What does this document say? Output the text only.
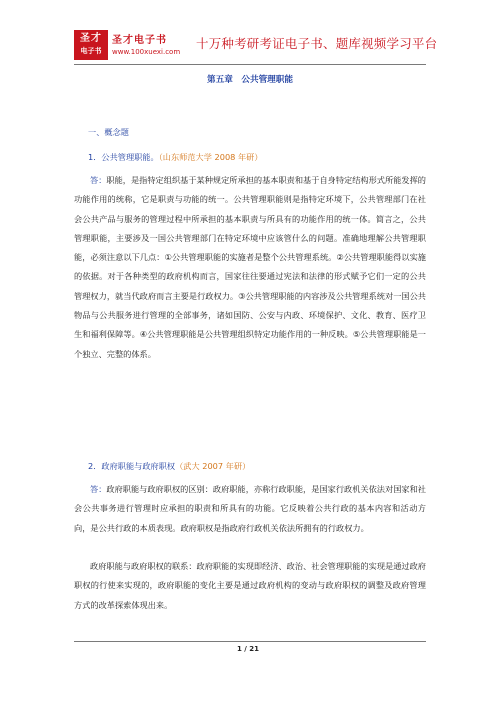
圣才
电子书
圣才电子书
www.100xuexi.com
十万种考研考证电子书、题库视频学习平台
第五章　公共管理职能
一、概念题
1．公共管理职能。（山东师范大学 2008 年研）
答：职能，是指特定组织基于某种规定所承担的基本职责和基于自身特定结构形式所能发挥的功能作用的统称，它是职责与功能的统一。公共管理职能则是指特定环境下，公共管理部门在社会公共产品与服务的管理过程中所承担的基本职责与所具有的功能作用的统一体。简言之，公共管理职能，主要涉及一国公共管理部门在特定环境中应该管什么的问题。准确地理解公共管理职能，必须注意以下几点：①公共管理职能的实施者是整个公共管理系统。②公共管理职能得以实施的依据。对于各种类型的政府机构而言，国家往往要通过宪法和法律的形式赋予它们一定的公共管理权力，就当代政府而言主要是行政权力。③公共管理职能的内容涉及公共管理系统对一国公共物品与公共服务进行管理的全部事务，诸如国防、公安与内政、环境保护、文化、教育、医疗卫生和福利保障等。④公共管理职能是公共管理组织特定功能作用的一种反映。⑤公共管理职能是一个独立、完整的体系。
2．政府职能与政府职权（武大 2007 年研）
答：政府职能与政府职权的区别：政府职能，亦称行政职能，是国家行政机关依法对国家和社会公共事务进行管理时应承担的职责和所具有的功能。它反映着公共行政的基本内容和活动方向，是公共行政的本质表现。政府职权是指政府行政机关依法所拥有的行政权力。
政府职能与政府职权的联系：政府职能的实现即经济、政治、社会管理职能的实现是通过政府职权的行使来实现的，政府职能的变化主要是通过政府机构的变动与政府职权的调整及政府管理方式的改革探索体现出来。
1 / 21
